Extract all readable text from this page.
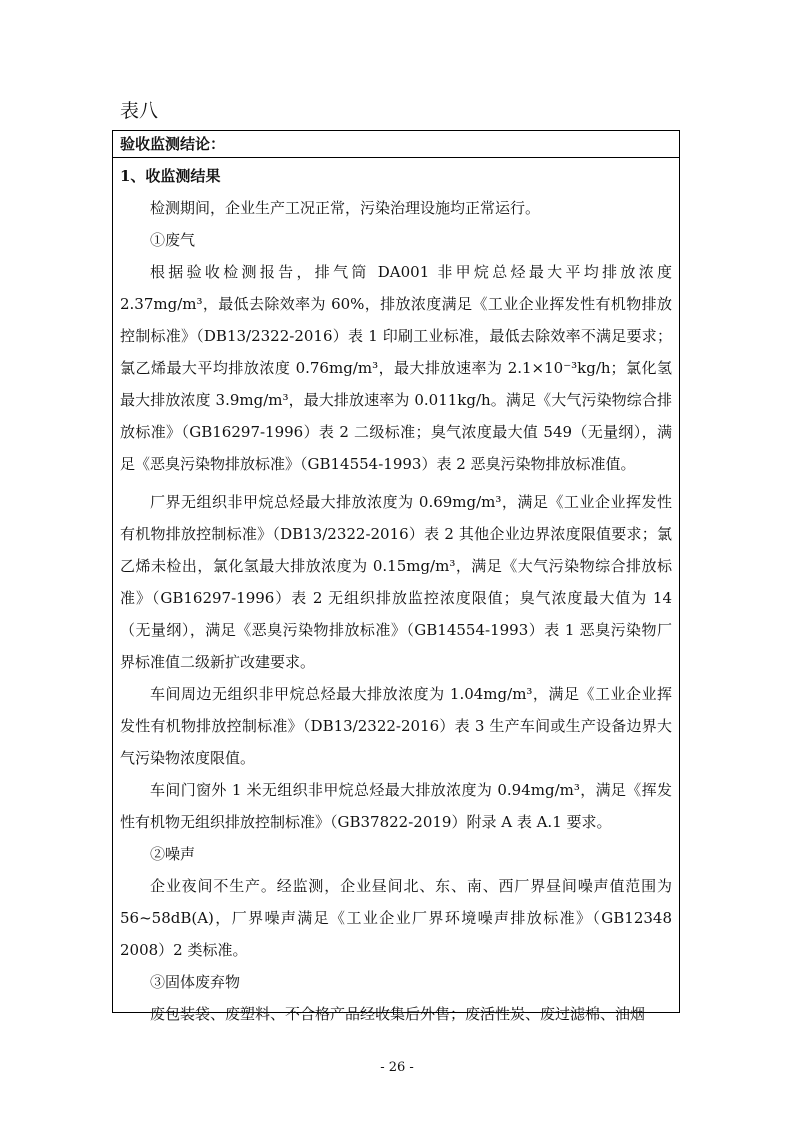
表八
验收监测结论：
1、收监测结果

检测期间，企业生产工况正常，污染治理设施均正常运行。

①废气

根据验收检测报告，排气筒 DA001 非甲烷总烃最大平均排放浓度 2.37mg/m³，最低去除效率为 60%，排放浓度满足《工业企业挥发性有机物排放控制标准》（DB13/2322-2016）表 1 印刷工业标准，最低去除效率不满足要求；氯乙烯最大平均排放浓度 0.76mg/m³，最大排放速率为 2.1×10⁻³kg/h；氯化氢最大排放浓度 3.9mg/m³，最大排放速率为 0.011kg/h。满足《大气污染物综合排放标准》（GB16297-1996）表 2 二级标准；臭气浓度最大值 549（无量纲），满足《恶臭污染物排放标准》（GB14554-1993）表 2 恶臭污染物排放标准值。

厂界无组织非甲烷总烃最大排放浓度为 0.69mg/m³，满足《工业企业挥发性有机物排放控制标准》（DB13/2322-2016）表 2 其他企业边界浓度限值要求；氯乙烯未检出，氯化氢最大排放浓度为 0.15mg/m³，满足《大气污染物综合排放标准》（GB16297-1996）表 2 无组织排放监控浓度限值；臭气浓度最大值为 14（无量纲），满足《恶臭污染物排放标准》（GB14554-1993）表 1 恶臭污染物厂界标准值二级新扩改建要求。

车间周边无组织非甲烷总烃最大排放浓度为 1.04mg/m³，满足《工业企业挥发性有机物排放控制标准》（DB13/2322-2016）表 3 生产车间或生产设备边界大气污染物浓度限值。

车间门窗外 1 米无组织非甲烷总烃最大排放浓度为 0.94mg/m³，满足《挥发性有机物无组织排放控制标准》（GB37822-2019）附录 A 表 A.1 要求。

②噪声

企业夜间不生产。经监测，企业昼间北、东、南、西厂界昼间噪声值范围为 56~58dB(A)，厂界噪声满足《工业企业厂界环境噪声排放标准》（GB12348 2008）2 类标准。

③固体废弃物

废包装袋、废塑料、不合格产品经收集后外售；废活性炭、废过滤棉、油烟

- 26 -
